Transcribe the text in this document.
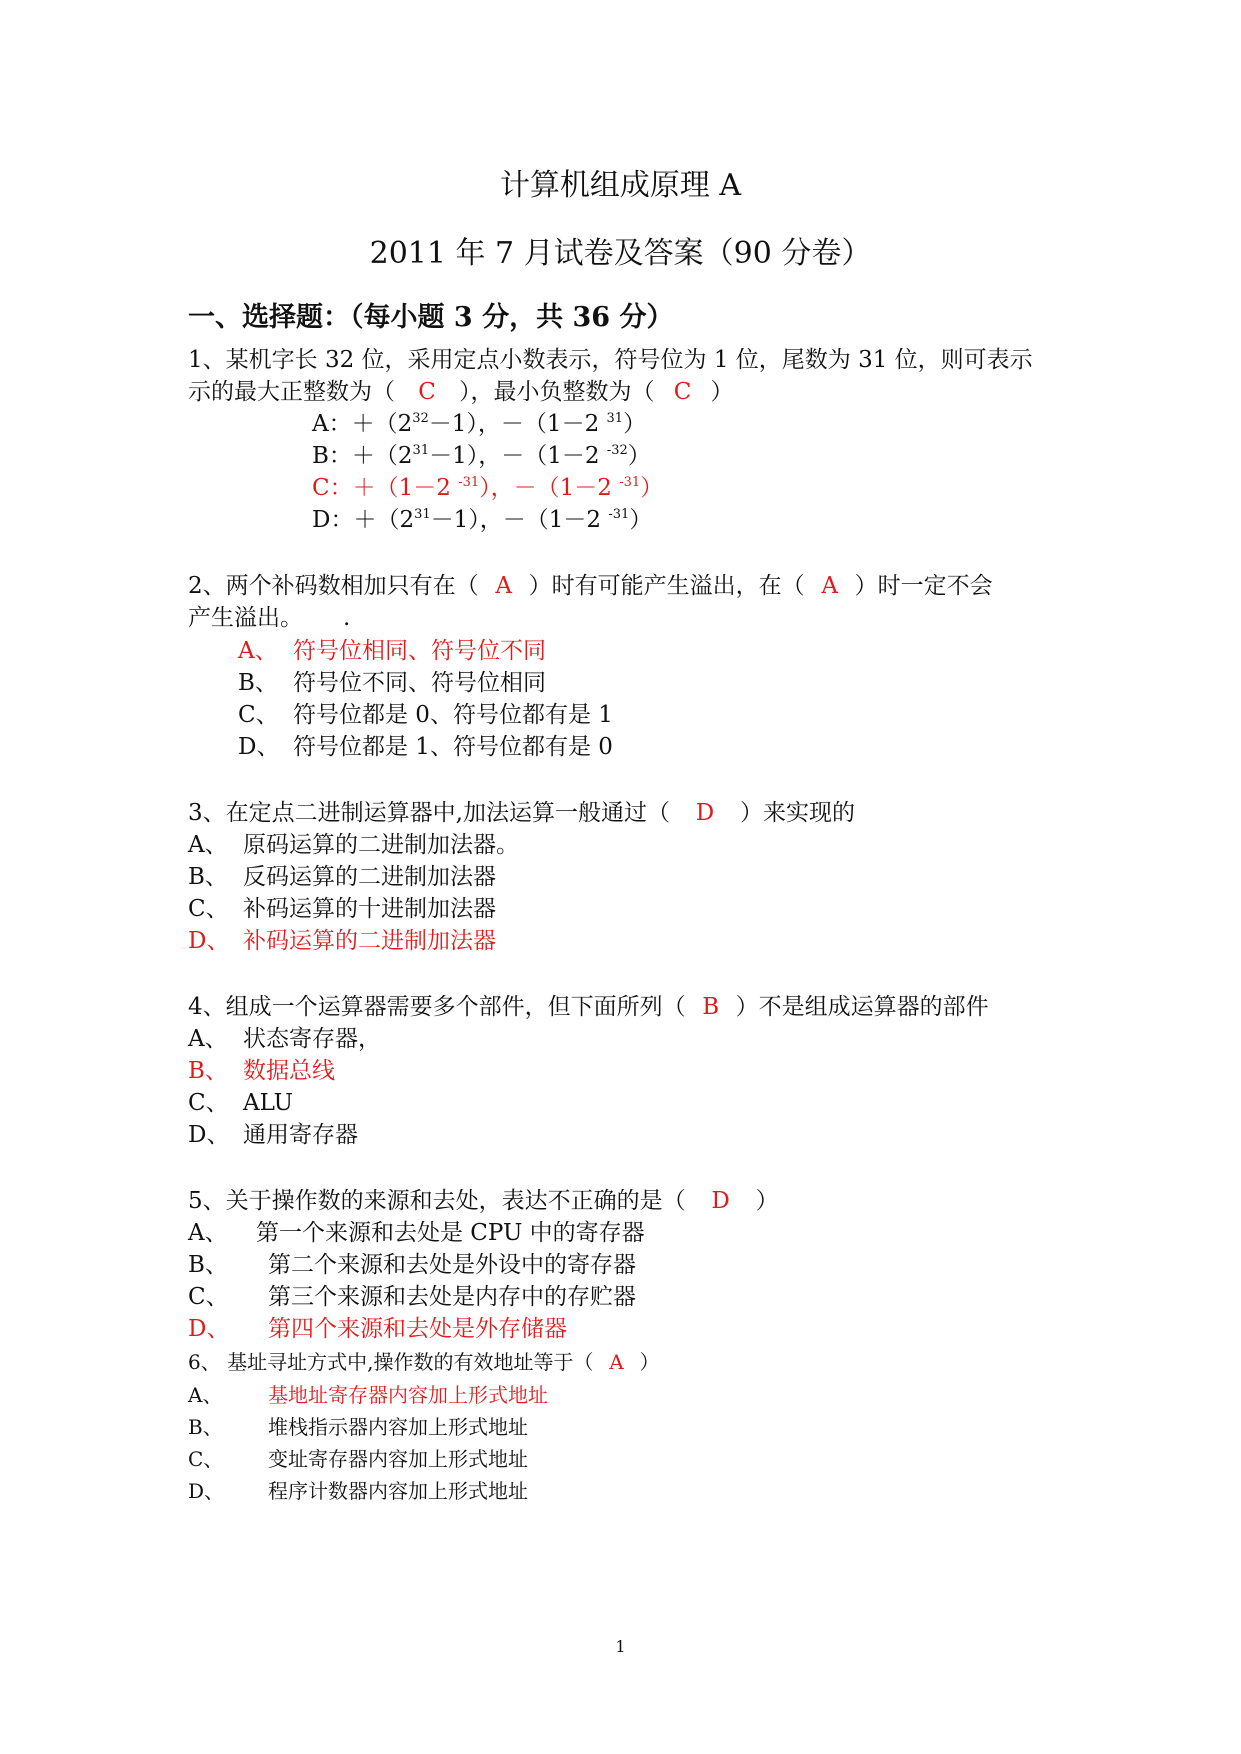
计算机组成原理 A
2011 年 7 月试卷及答案（90 分卷）
一、选择题：（每小题 3 分，共 36 分）
1、某机字长 32 位，采用定点小数表示，符号位为 1 位，尾数为 31 位，则可表示
示的最大正整数为（ C ），最小负整数为（ C ）
A：$+(2^{32}-1)$，－（1－2 $^{31}$）
B：$+(2^{31}-1)$，－（1－2 $^{-32}$）
C：＋（1－2 $^{-31}$），－（1－2 $^{-31}$）
D：$+(2^{31}-1)$，－（1－2 $^{-31}$）
2、两个补码数相加只有在（ A ）时有可能产生溢出，在（ A ）时一定不会
产生溢出。 .
A、 符号位相同、符号位不同
B、 符号位不同、符号位相同
C、 符号位都是 0、符号位都有是 1
D、 符号位都是 1、符号位都有是 0
3、在定点二进制运算器中,加法运算一般通过（ D ）来实现的
A、 原码运算的二进制加法器。
B、 反码运算的二进制加法器
C、 补码运算的十进制加法器
D、 补码运算的二进制加法器
4、组成一个运算器需要多个部件，但下面所列（ B ）不是组成运算器的部件
A、 状态寄存器，
B、 数据总线
C、 ALU
D、 通用寄存器
5、关于操作数的来源和去处，表达不正确的是（ D ）
A、 第一个来源和去处是 CPU 中的寄存器
B、 第二个来源和去处是外设中的寄存器
C、 第三个来源和去处是内存中的存贮器
D、 第四个来源和去处是外存储器
6、 基址寻址方式中,操作数的有效地址等于（ A ）
A、 基地址寄存器内容加上形式地址
B、 堆栈指示器内容加上形式地址
C、 变址寄存器内容加上形式地址
D、 程序计数器内容加上形式地址
1
